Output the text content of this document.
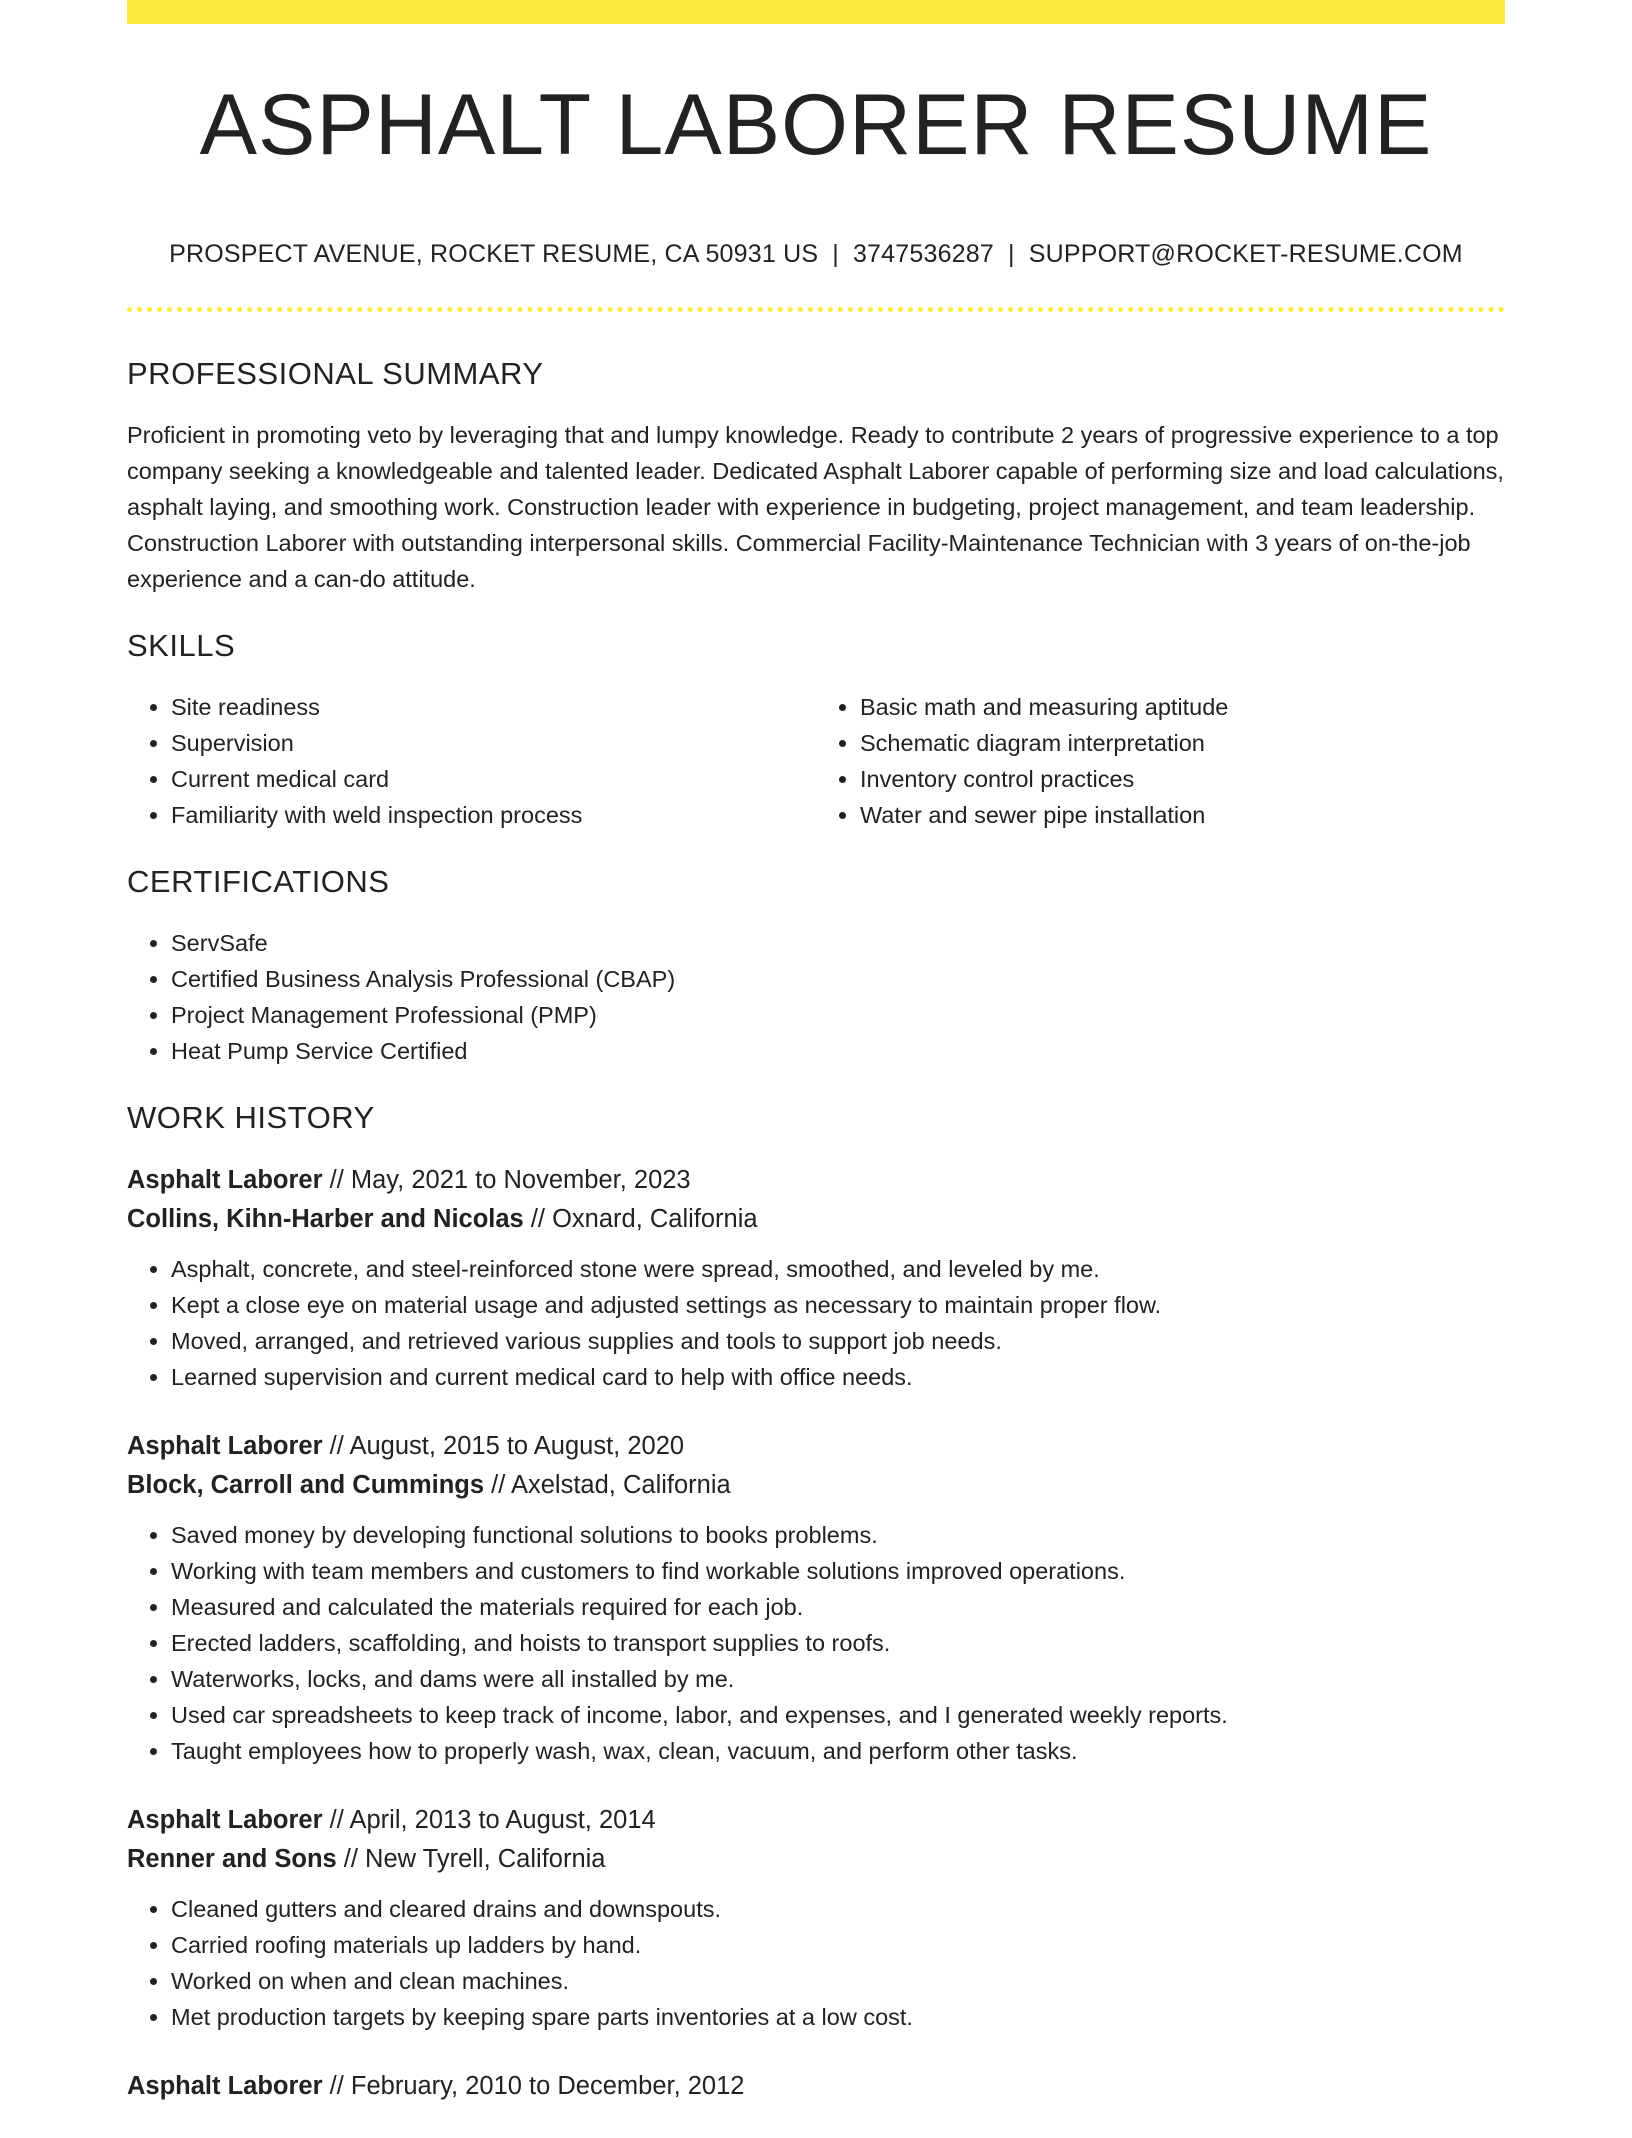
ASPHALT LABORER RESUME
PROSPECT AVENUE, ROCKET RESUME, CA 50931 US | 3747536287 | SUPPORT@ROCKET-RESUME.COM
PROFESSIONAL SUMMARY

Proficient in promoting veto by leveraging that and lumpy knowledge. Ready to contribute 2 years of progressive experience to a top company seeking a knowledgeable and talented leader. Dedicated Asphalt Laborer capable of performing size and load calculations, asphalt laying, and smoothing work. Construction leader with experience in budgeting, project management, and team leadership. Construction Laborer with outstanding interpersonal skills. Commercial Facility-Maintenance Technician with 3 years of on-the-job experience and a can-do attitude.

SKILLS
• Site readiness
• Supervision
• Current medical card
• Familiarity with weld inspection process
• Basic math and measuring aptitude
• Schematic diagram interpretation
• Inventory control practices
• Water and sewer pipe installation
CERTIFICATIONS
• ServSafe
• Certified Business Analysis Professional (CBAP)
• Project Management Professional (PMP)
• Heat Pump Service Certified
WORK HISTORY
Asphalt Laborer // May, 2021 to November, 2023
Collins, Kihn-Harber and Nicolas // Oxnard, California
• Asphalt, concrete, and steel-reinforced stone were spread, smoothed, and leveled by me.
• Kept a close eye on material usage and adjusted settings as necessary to maintain proper flow.
• Moved, arranged, and retrieved various supplies and tools to support job needs.
• Learned supervision and current medical card to help with office needs.
Asphalt Laborer // August, 2015 to August, 2020
Block, Carroll and Cummings // Axelstad, California
• Saved money by developing functional solutions to books problems.
• Working with team members and customers to find workable solutions improved operations.
• Measured and calculated the materials required for each job.
• Erected ladders, scaffolding, and hoists to transport supplies to roofs.
• Waterworks, locks, and dams were all installed by me.
• Used car spreadsheets to keep track of income, labor, and expenses, and I generated weekly reports.
• Taught employees how to properly wash, wax, clean, vacuum, and perform other tasks.
Asphalt Laborer // April, 2013 to August, 2014
Renner and Sons // New Tyrell, California
• Cleaned gutters and cleared drains and downspouts.
• Carried roofing materials up ladders by hand.
• Worked on when and clean machines.
• Met production targets by keeping spare parts inventories at a low cost.
Asphalt Laborer // February, 2010 to December, 2012
